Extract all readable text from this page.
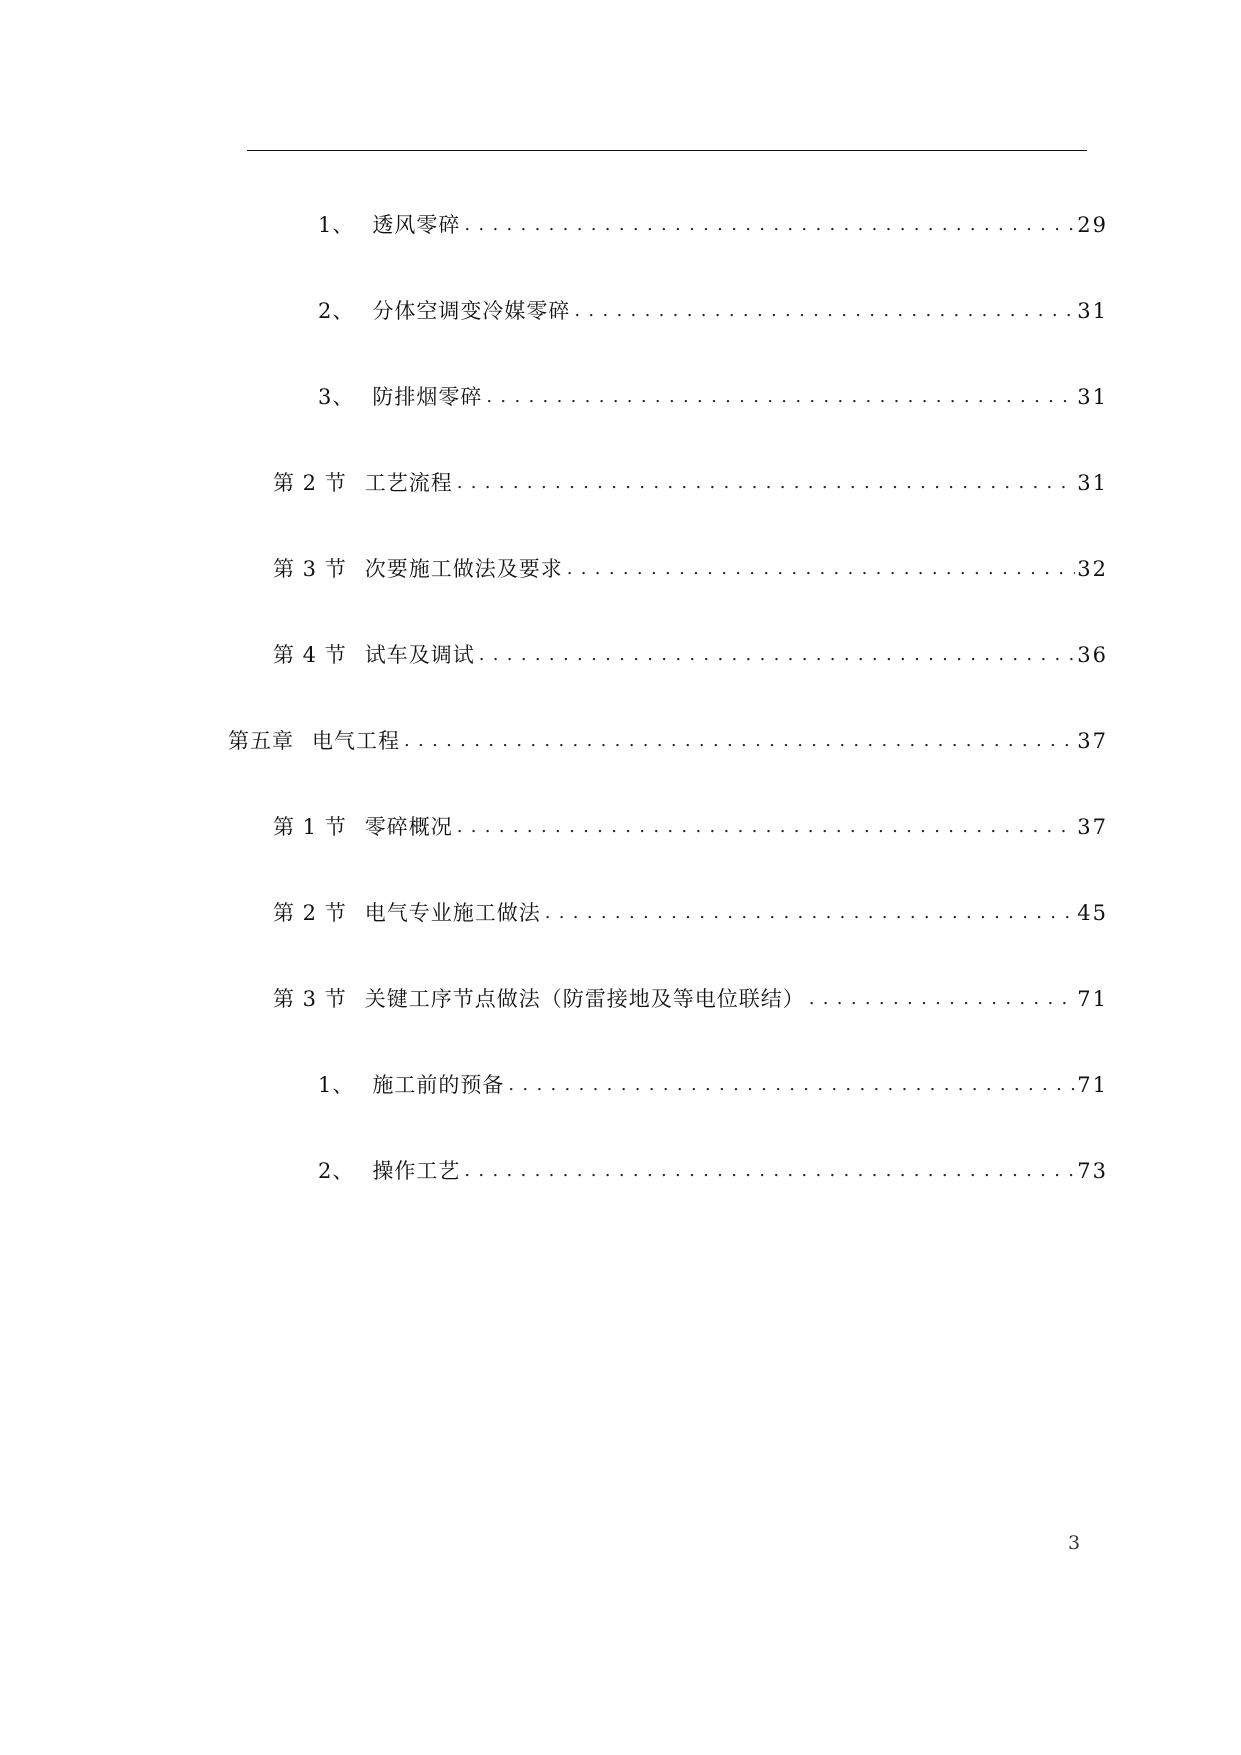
1、 透风零碎 . . .	29
2、 分体空调变冷媒零碎 . . .	31
3、 防排烟零碎 . . .	31
第 2 节 工艺流程 . . .	31
第 3 节 次要施工做法及要求 . . .	32
第 4 节 试车及调试 . . .	36
第五章 电气工程 . . .	37
第 1 节 零碎概况 . . .	37
第 2 节 电气专业施工做法 . . .	45
第 3 节 关键工序节点做法（防雷接地及等电位联结） . . .	71
1、 施工前的预备 . . .	71
2、 操作工艺 . . .	73
3
